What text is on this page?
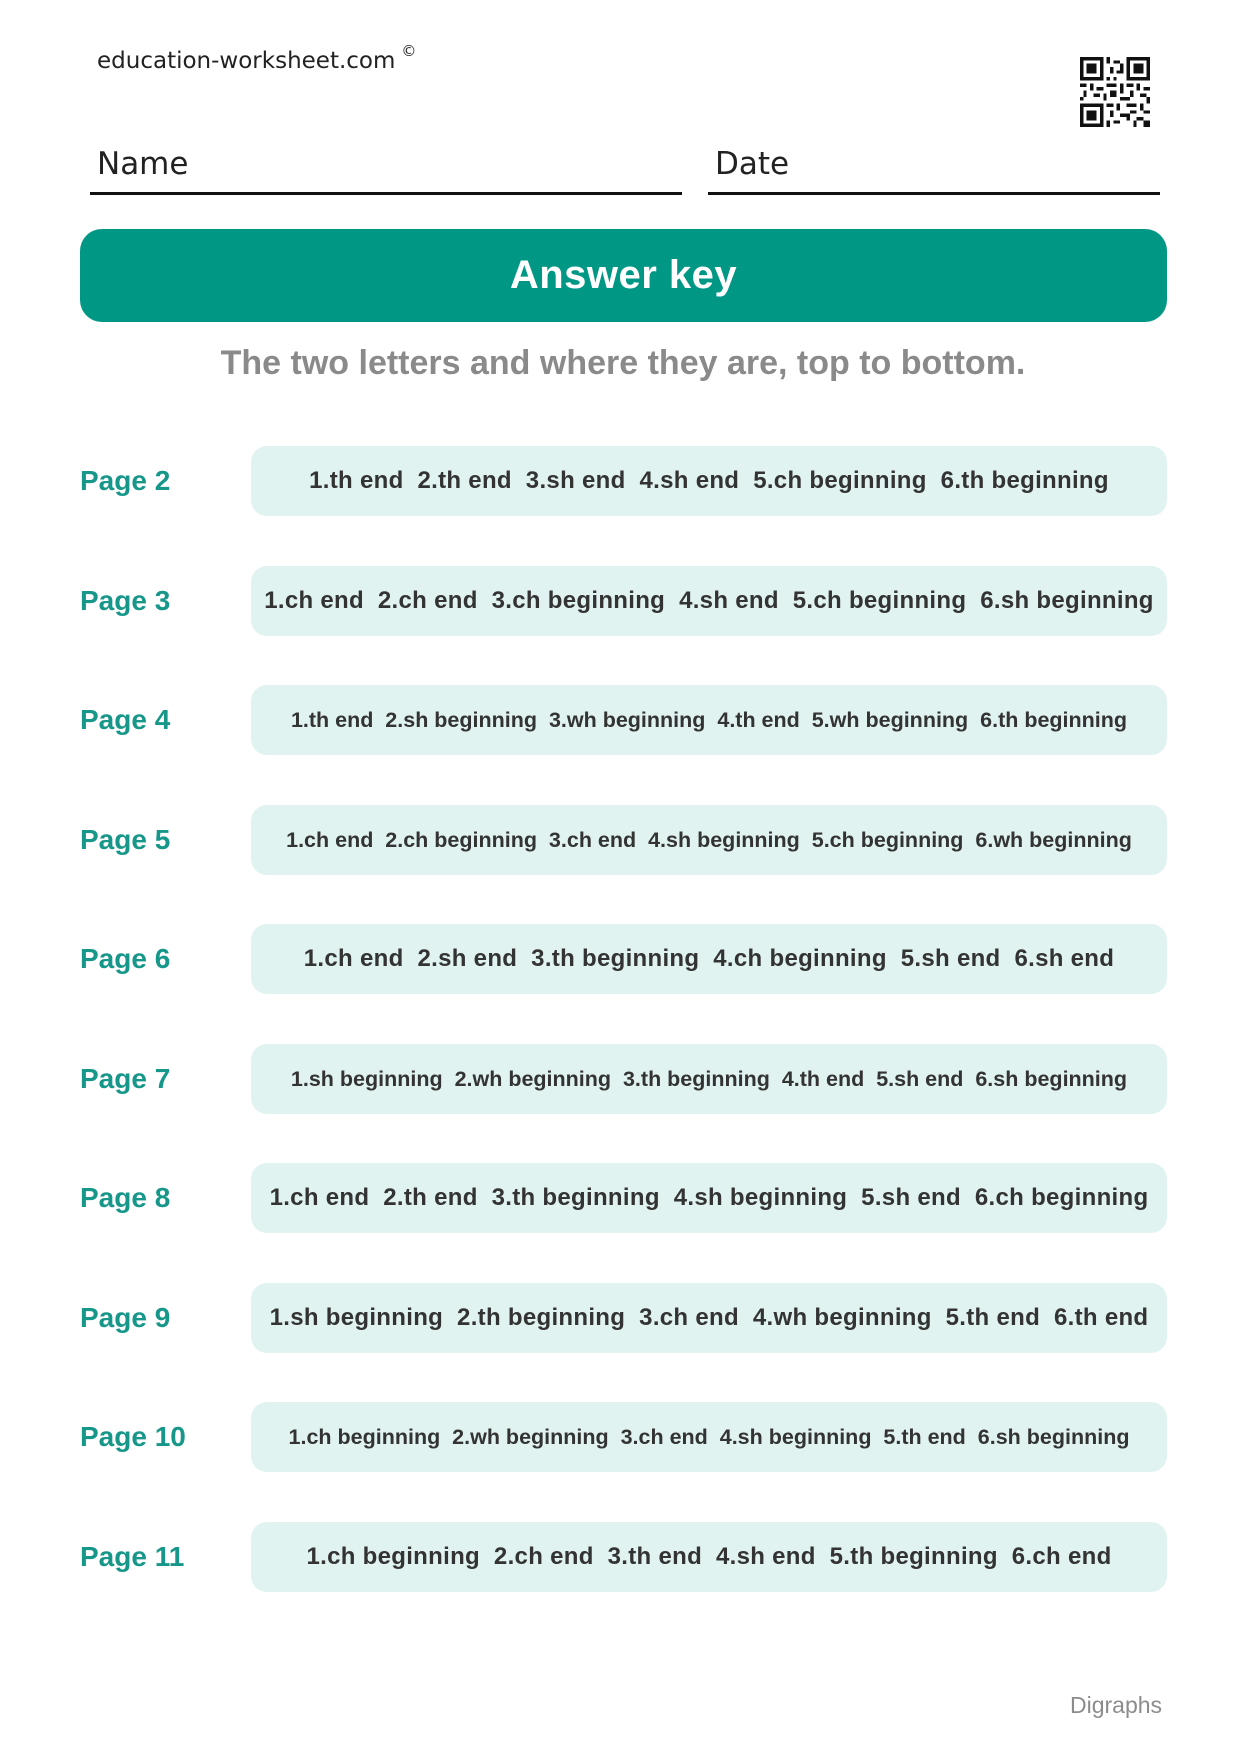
education-worksheet.com ©
Name	Date
Answer key
The two letters and where they are, top to bottom.
Page 2	1.th end  2.th end  3.sh end  4.sh end  5.ch beginning  6.th beginning
Page 3	1.ch end  2.ch end  3.ch beginning  4.sh end  5.ch beginning  6.sh beginning
Page 4	1.th end  2.sh beginning  3.wh beginning  4.th end  5.wh beginning  6.th beginning
Page 5	1.ch end  2.ch beginning  3.ch end  4.sh beginning  5.ch beginning  6.wh beginning
Page 6	1.ch end  2.sh end  3.th beginning  4.ch beginning  5.sh end  6.sh end
Page 7	1.sh beginning  2.wh beginning  3.th beginning  4.th end  5.sh end  6.sh beginning
Page 8	1.ch end  2.th end  3.th beginning  4.sh beginning  5.sh end  6.ch beginning
Page 9	1.sh beginning  2.th beginning  3.ch end  4.wh beginning  5.th end  6.th end
Page 10	1.ch beginning  2.wh beginning  3.ch end  4.sh beginning  5.th end  6.sh beginning
Page 11	1.ch beginning  2.ch end  3.th end  4.sh end  5.th beginning  6.ch end
Digraphs
